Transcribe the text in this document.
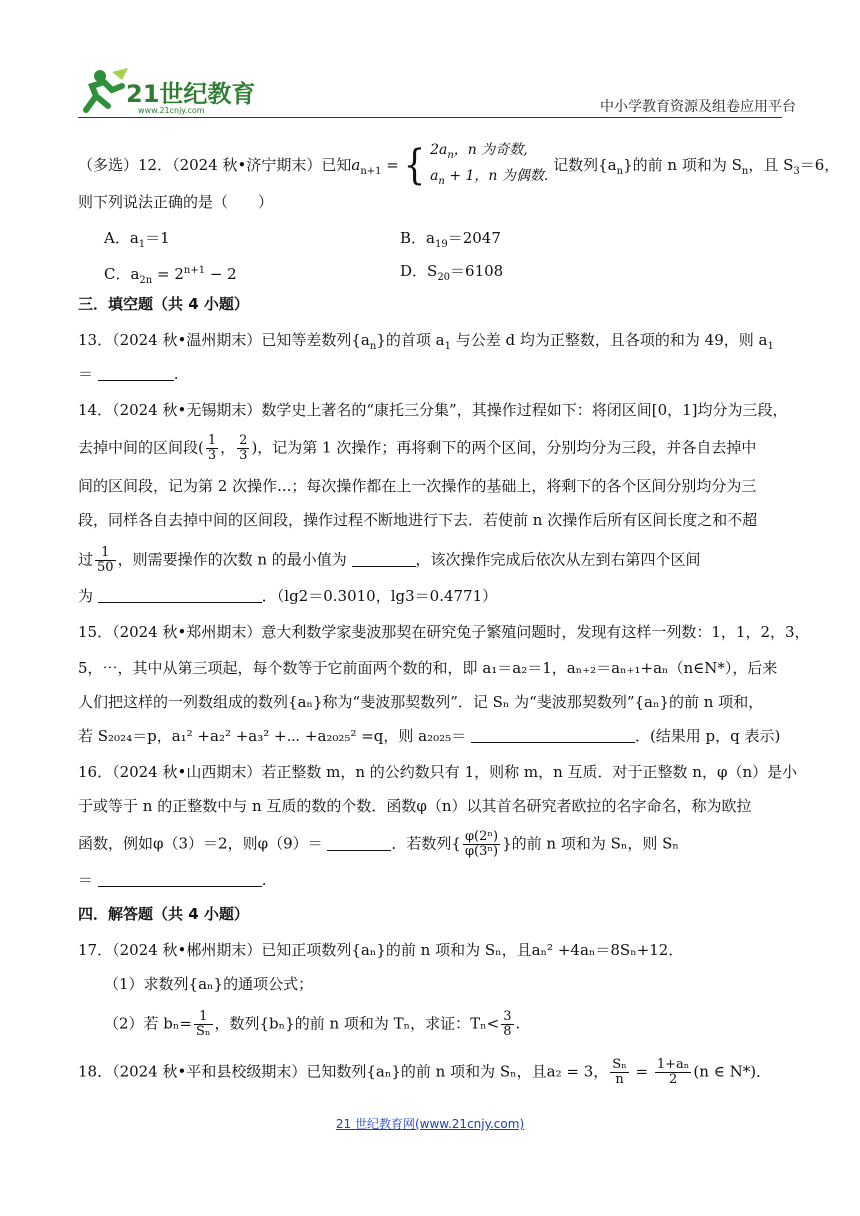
21世纪教育
www.21cnjy.com	中小学教育资源及组卷应用平台
（多选）12．（2024 秋•济宁期末）已知$a_{n+1}$ = { $2a_n$，n 为奇数,
$a_n + 1$，n 为偶数.
记数列$\{a_n\}$的前 n 项和为 $S_n$，且 $S_3=6$，
则下列说法正确的是（　　）
A．$a_1=1$	B．$a_{19}=2047$
C．$a_{2n} = 2^{n+1} - 2$	D．$S_{20}=6108$
三．填空题（共 4 小题）
13．（2024 秋•温州期末）已知等差数列$\{a_n\}$的首项 $a_1$ 与公差 d 均为正整数，且各项的和为 49，则 $a_1$
＝	.
14．（2024 秋•无锡期末）数学史上著名的“康托三分集”，其操作过程如下：将闭区间[0，1]均分为三段，
去掉中间的区间段( $\frac{1}{3}$ ， $\frac{2}{3}$ )，记为第 1 次操作；再将剩下的两个区间，分别均分为三段，并各自去掉中
间的区间段，记为第 2 次操作...；每次操作都在上一次操作的基础上，将剩下的各个区间分别均分为三
段，同样各自去掉中间的区间段，操作过程不断地进行下去．若使前 n 次操作后所有区间长度之和不超
过 $\frac{1}{50}$ ，则需要操作的次数 n 的最小值为	，该次操作完成后依次从左到右第四个区间
为	．（lg2＝0.3010，lg3＝0.4771）
15．（2024 秋•郑州期末）意大利数学家斐波那契在研究兔子繁殖问题时，发现有这样一列数：1，1，2，3，
5，⋯，其中从第三项起，每个数等于它前面两个数的和，即 a₁＝a₂＝1，aₙ₊₂＝aₙ₊₁+aₙ（n∈N*），后来
人们把这样的一列数组成的数列{aₙ}称为“斐波那契数列”．记 Sₙ 为“斐波那契数列”{aₙ}的前 n 项和，
若 S₂₀₂₄＝p，a₁² +a₂² +a₃² +⋯ +a₂₀₂₅² =q，则 a₂₀₂₅＝	．(结果用 p，q 表示)
16．（2024 秋•山西期末）若正整数 m，n 的公约数只有 1，则称 m，n 互质．对于正整数 n，φ（n）是小
于或等于 n 的正整数中与 n 互质的数的个数．函数φ（n）以其首名研究者欧拉的名字命名，称为欧拉
函数，例如φ（3）＝2，则φ（9）＝	．若数列{ $\frac{\text{φ(2ⁿ)}}{\text{φ(3ⁿ)}}$ }的前 n 项和为 Sₙ，则 Sₙ
＝	.
四．解答题（共 4 小题）
17．（2024 秋•郴州期末）已知正项数列{aₙ}的前 n 项和为 Sₙ，且aₙ² +4aₙ＝8Sₙ+12．
（1）求数列{aₙ}的通项公式；
（2）若 $b_n= \frac{1}{\text{Sₙ}}$ ，数列{bₙ}的前 n 项和为 Tₙ，求证：$T_n< \frac{3}{8}$ .
18．（2024 秋•平和县校级期末）已知数列{aₙ}的前 n 项和为 Sₙ，且a₂ = 3， $\frac{\text{Sₙ}}{n} = \frac{\text{1+aₙ}}{2} (n$ ∈ N*)．
21 世纪教育网(www.21cnjy.com)
